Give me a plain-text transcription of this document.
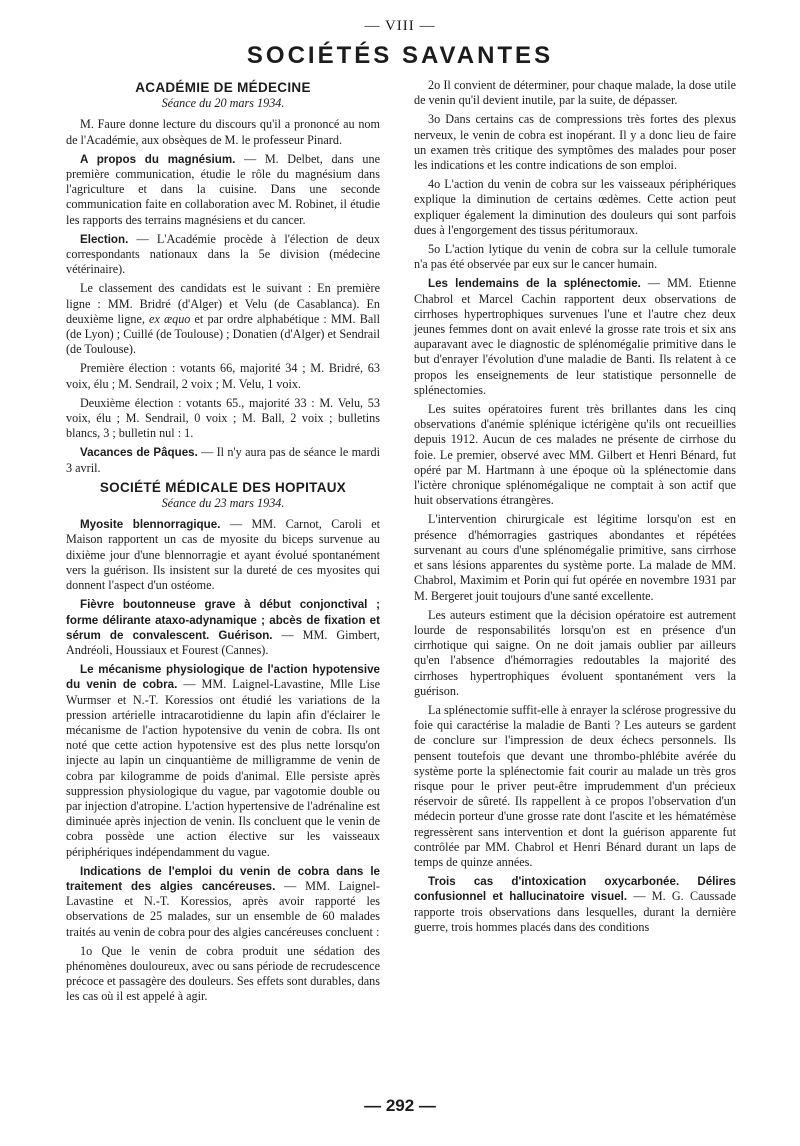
— VIII —
SOCIÉTÉS SAVANTES
ACADÉMIE DE MÉDECINE
Séance du 20 mars 1934.

M. Faure donne lecture du discours qu'il a prononcé au nom de l'Académie, aux obsèques de M. le professeur Pinard.

A propos du magnésium. — M. Delbet, dans une première communication, étudie le rôle du magnésium dans l'agriculture et dans la cuisine. Dans une seconde communication faite en collaboration avec M. Robinet, il étudie les rapports des terrains magnésiens et du cancer.

Election. — L'Académie procède à l'élection de deux correspondants nationaux dans la 5e division (médecine vétérinaire).

Le classement des candidats est le suivant : En première ligne : MM. Bridré (d'Alger) et Velu (de Casablanca). En deuxième ligne, ex æquo et par ordre alphabétique : MM. Ball (de Lyon) ; Cuillé (de Toulouse) ; Donatien (d'Alger) et Sendrail (de Toulouse).

Première élection : votants 66, majorité 34 ; M. Bridré, 63 voix, élu ; M. Sendrail, 2 voix ; M. Velu, 1 voix.

Deuxième élection : votants 65., majorité 33 : M. Velu, 53 voix, élu ; M. Sendrail, 0 voix ; M. Ball, 2 voix ; bulletins blancs, 3 ; bulletin nul : 1.

Vacances de Pâques. — Il n'y aura pas de séance le mardi 3 avril.

SOCIÉTÉ MÉDICALE DES HOPITAUX
Séance du 23 mars 1934.

Myosite blennorragique. — MM. Carnot, Caroli et Maison rapportent un cas de myosite du biceps survenue au dixième jour d'une blennorragie et ayant évolué spontanément vers la guérison. Ils insistent sur la dureté de ces myosites qui donnent l'aspect d'un ostéome.

Fièvre boutonneuse grave à début conjonctival ; forme délirante ataxo-adynamique ; abcès de fixation et sérum de convalescent. Guérison. — MM. Gimbert, Andréoli, Houssiaux et Fourest (Cannes).

Le mécanisme physiologique de l'action hypotensive du venin de cobra. — MM. Laignel-Lavastine, Mlle Lise Wurmser et N.-T. Koressios ont étudié les variations de la pression artérielle intracarotidienne du lapin afin d'éclairer le mécanisme de l'action hypotensive du venin de cobra. Ils ont noté que cette action hypotensive est des plus nette lorsqu'on injecte au lapin un cinquantième de milligramme de venin de cobra par kilogramme de poids d'animal. Elle persiste après suppression physiologique du vague, par vagotomie double ou par injection d'atropine. L'action hypertensive de l'adrénaline est diminuée après injection de venin. Ils concluent que le venin de cobra possède une action élective sur les vaisseaux périphériques indépendamment du vague.

Indications de l'emploi du venin de cobra dans le traitement des algies cancéreuses. — MM. Laignel-Lavastine et N.-T. Koressios, après avoir rapporté les observations de 25 malades, sur un ensemble de 60 malades traités au venin de cobra pour des algies cancéreuses concluent :

1o Que le venin de cobra produit une sédation des phénomènes douloureux, avec ou sans période de recrudescence précoce et passagère des douleurs. Ses effets sont durables, dans les cas où il est appelé à agir.

2o Il convient de déterminer, pour chaque malade, la dose utile de venin qu'il devient inutile, par la suite, de dépasser.

3o Dans certains cas de compressions très fortes des plexus nerveux, le venin de cobra est inopérant. Il y a donc lieu de faire un examen très critique des symptômes des malades pour poser les indications et les contre indications de son emploi.

4o L'action du venin de cobra sur les vaisseaux périphériques explique la diminution de certains œdèmes. Cette action peut expliquer également la diminution des douleurs qui sont parfois dues à l'engorgement des tissus péritumoraux.

5o L'action lytique du venin de cobra sur la cellule tumorale n'a pas été observée par eux sur le cancer humain.

Les lendemains de la splénectomie. — MM. Etienne Chabrol et Marcel Cachin rapportent deux observations de cirrhoses hypertrophiques survenues l'une et l'autre chez deux jeunes femmes dont on avait enlevé la grosse rate trois et six ans auparavant avec le diagnostic de splénomégalie primitive dans le but d'enrayer l'évolution d'une maladie de Banti. Ils relatent à ce propos les enseignements de leur statistique personnelle de splénectomies.

Les suites opératoires furent très brillantes dans les cinq observations d'anémie splénique ictérigène qu'ils ont recueillies depuis 1912. Aucun de ces malades ne présente de cirrhose du foie. Le premier, observé avec MM. Gilbert et Henri Bénard, fut opéré par M. Hartmann à une époque où la splénectomie dans l'ictère chronique splénomégalique ne comptait à son actif que huit observations étrangères.

L'intervention chirurgicale est légitime lorsqu'on est en présence d'hémorragies gastriques abondantes et répétées survenant au cours d'une splénomégalie primitive, sans cirrhose et sans lésions apparentes du système porte. La malade de MM. Chabrol, Maximim et Porin qui fut opérée en novembre 1931 par M. Bergeret jouit toujours d'une santé excellente.

Les auteurs estiment que la décision opératoire est autrement lourde de responsabilités lorsqu'on est en présence d'un cirrhotique qui saigne. On ne doit jamais oublier par ailleurs qu'en l'absence d'hémorragies redoutables la majorité des cirrhoses hypertrophiques évoluent spontanément vers la guérison.

La splénectomie suffit-elle à enrayer la sclérose progressive du foie qui caractérise la maladie de Banti ? Les auteurs se gardent de conclure sur l'impression de deux échecs personnels. Ils pensent toutefois que devant une thrombo-phlébite avérée du système porte la splénectomie fait courir au malade un très gros risque pour le priver peut-être imprudemment d'un précieux réservoir de sûreté. Ils rappellent à ce propos l'observation d'un médecin porteur d'une grosse rate dont l'ascite et les hématémèse regressèrent sans intervention et dont la guérison apparente fut contrôlée par MM. Chabrol et Henri Bénard durant un laps de temps de quinze années.

Trois cas d'intoxication oxycarbonée. Délires confusionnel et hallucinatoire visuel. — M. G. Caussade rapporte trois observations dans lesquelles, durant la dernière guerre, trois hommes placés dans des conditions

— 292 —
